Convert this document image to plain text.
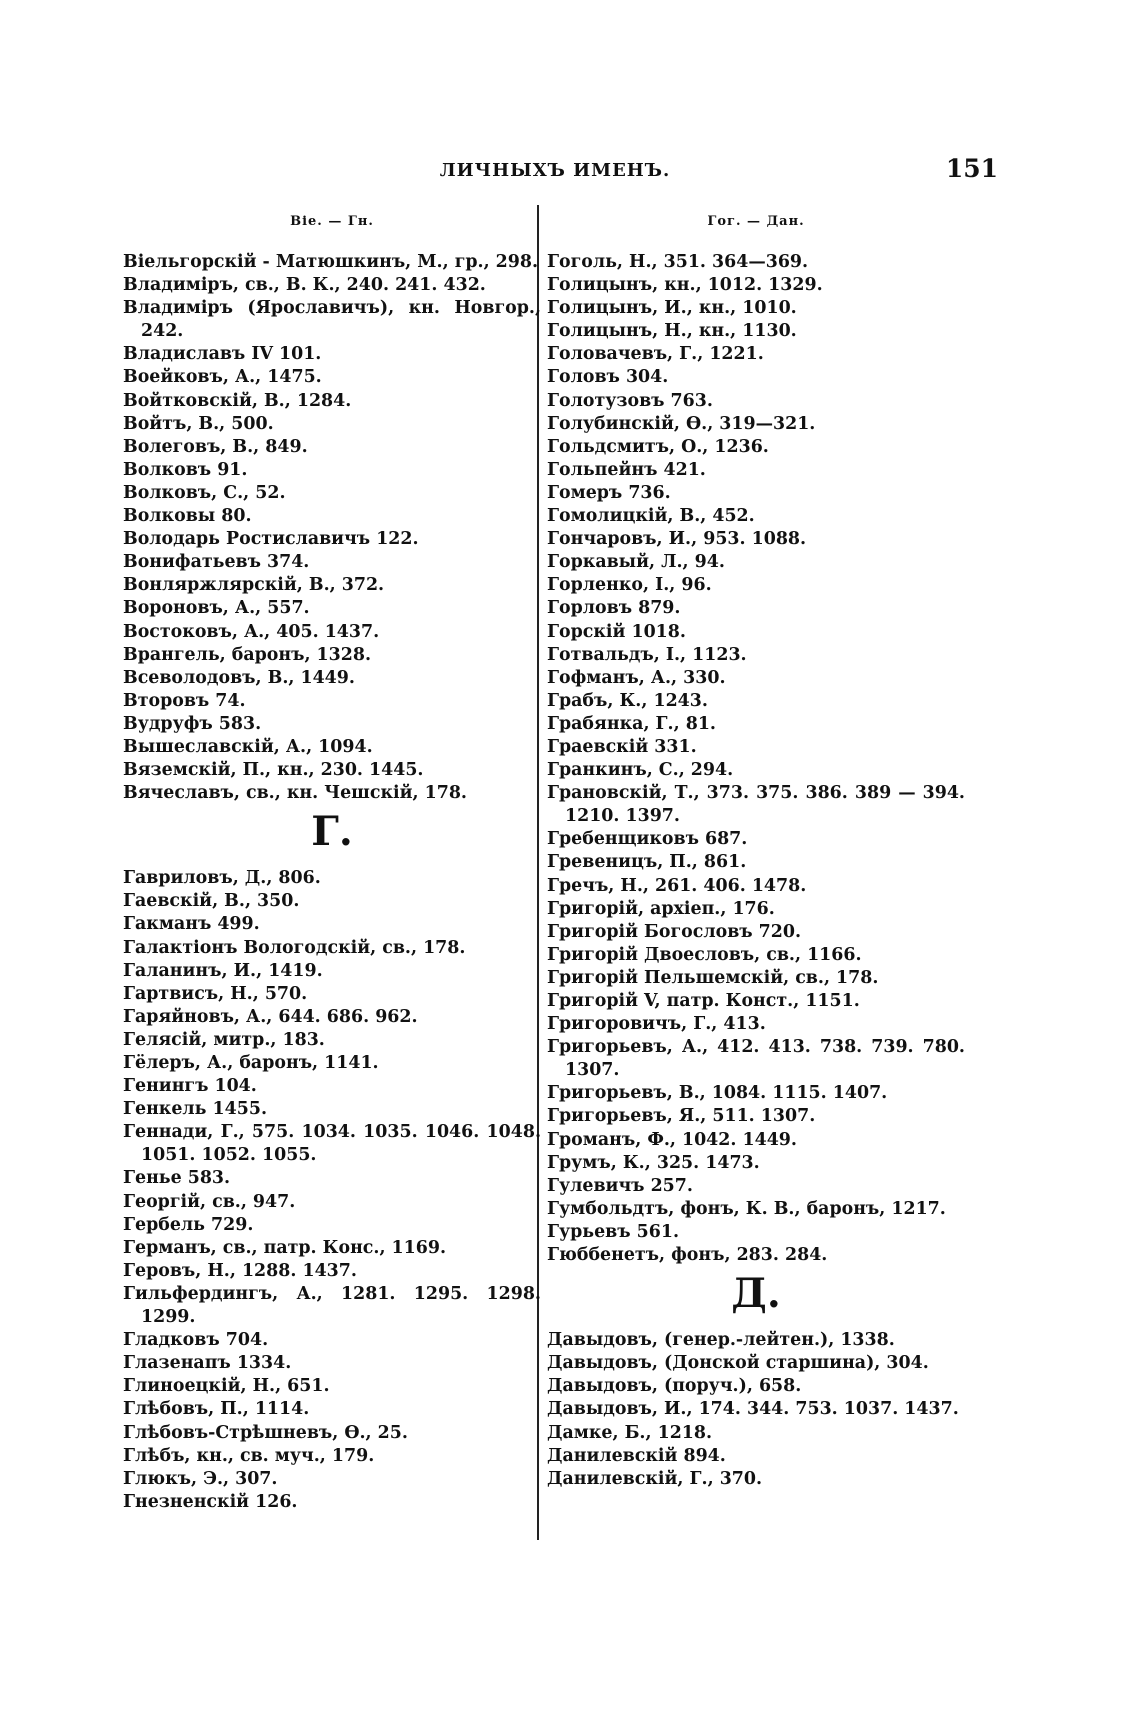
ЛИЧНЫХЪ ИМЕНЪ.	151
Віе. — Гн.
Віельгорскій - Матюшкинъ, М., гр., 298.
Владиміръ, св., В. К., 240. 241. 432.
Владиміръ (Ярославичъ), кн. Новгор., 242.
Владиславъ IV 101.
Воейковъ, А., 1475.
Войтковскій, В., 1284.
Войтъ, В., 500.
Волеговъ, В., 849.
Волковъ 91.
Волковъ, С., 52.
Волковы 80.
Володарь Ростиславичъ 122.
Вонифатьевъ 374.
Вонляржлярскій, В., 372.
Вороновъ, А., 557.
Востоковъ, А., 405. 1437.
Врангель, баронъ, 1328.
Всеволодовъ, В., 1449.
Второвъ 74.
Вудруфъ 583.
Вышеславскій, А., 1094.
Вяземскій, П., кн., 230. 1445.
Вячеславъ, св., кн. Чешскій, 178.
Г.
Гавриловъ, Д., 806.
Гаевскій, В., 350.
Гакманъ 499.
Галактіонъ Вологодскій, св., 178.
Галанинъ, И., 1419.
Гартвисъ, Н., 570.
Гаряйновъ, А., 644. 686. 962.
Гелясій, митр., 183.
Гёлеръ, А., баронъ, 1141.
Генингъ 104.
Генкель 1455.
Геннади, Г., 575. 1034. 1035. 1046. 1048. 1051. 1052. 1055.
Генье 583.
Георгій, св., 947.
Гербель 729.
Германъ, св., патр. Конс., 1169.
Геровъ, Н., 1288. 1437.
Гильфердингъ, А., 1281. 1295. 1298. 1299.
Гладковъ 704.
Глазенапъ 1334.
Глиноецкій, Н., 651.
Глѣбовъ, П., 1114.
Глѣбовъ-Стрѣшневъ, Ѳ., 25.
Глѣбъ, кн., св. муч., 179.
Глюкъ, Э., 307.
Гнезненскій 126.
Гог. — Дан.
Гоголь, Н., 351. 364—369.
Голицынъ, кн., 1012. 1329.
Голицынъ, И., кн., 1010.
Голицынъ, Н., кн., 1130.
Головачевъ, Г., 1221.
Головъ 304.
Голотузовъ 763.
Голубинскій, Ѳ., 319—321.
Гольдсмитъ, О., 1236.
Гольпейнъ 421.
Гомеръ 736.
Гомолицкій, В., 452.
Гончаровъ, И., 953. 1088.
Горкавый, Л., 94.
Горленко, І., 96.
Горловъ 879.
Горскій 1018.
Готвальдъ, І., 1123.
Гофманъ, А., 330.
Грабъ, К., 1243.
Грабянка, Г., 81.
Граевскій 331.
Гранкинъ, С., 294.
Грановскій, Т., 373. 375. 386. 389 — 394. 1210. 1397.
Гребенщиковъ 687.
Гревеницъ, П., 861.
Гречъ, Н., 261. 406. 1478.
Григорій, архіеп., 176.
Григорій Богословъ 720.
Григорій Двоесловъ, св., 1166.
Григорій Пельшемскій, св., 178.
Григорій V, патр. Конст., 1151.
Григоровичъ, Г., 413.
Григорьевъ, А., 412. 413. 738. 739. 780. 1307.
Григорьевъ, В., 1084. 1115. 1407.
Григорьевъ, Я., 511. 1307.
Громанъ, Ф., 1042. 1449.
Грумъ, К., 325. 1473.
Гулевичъ 257.
Гумбольдтъ, фонъ, К. В., баронъ, 1217.
Гурьевъ 561.
Гюббенетъ, фонъ, 283. 284.
Д.
Давыдовъ, (генер.-лейтен.), 1338.
Давыдовъ, (Донской старшина), 304.
Давыдовъ, (поруч.), 658.
Давыдовъ, И., 174. 344. 753. 1037. 1437.
Дамке, Б., 1218.
Данилевскій 894.
Данилевскій, Г., 370.
